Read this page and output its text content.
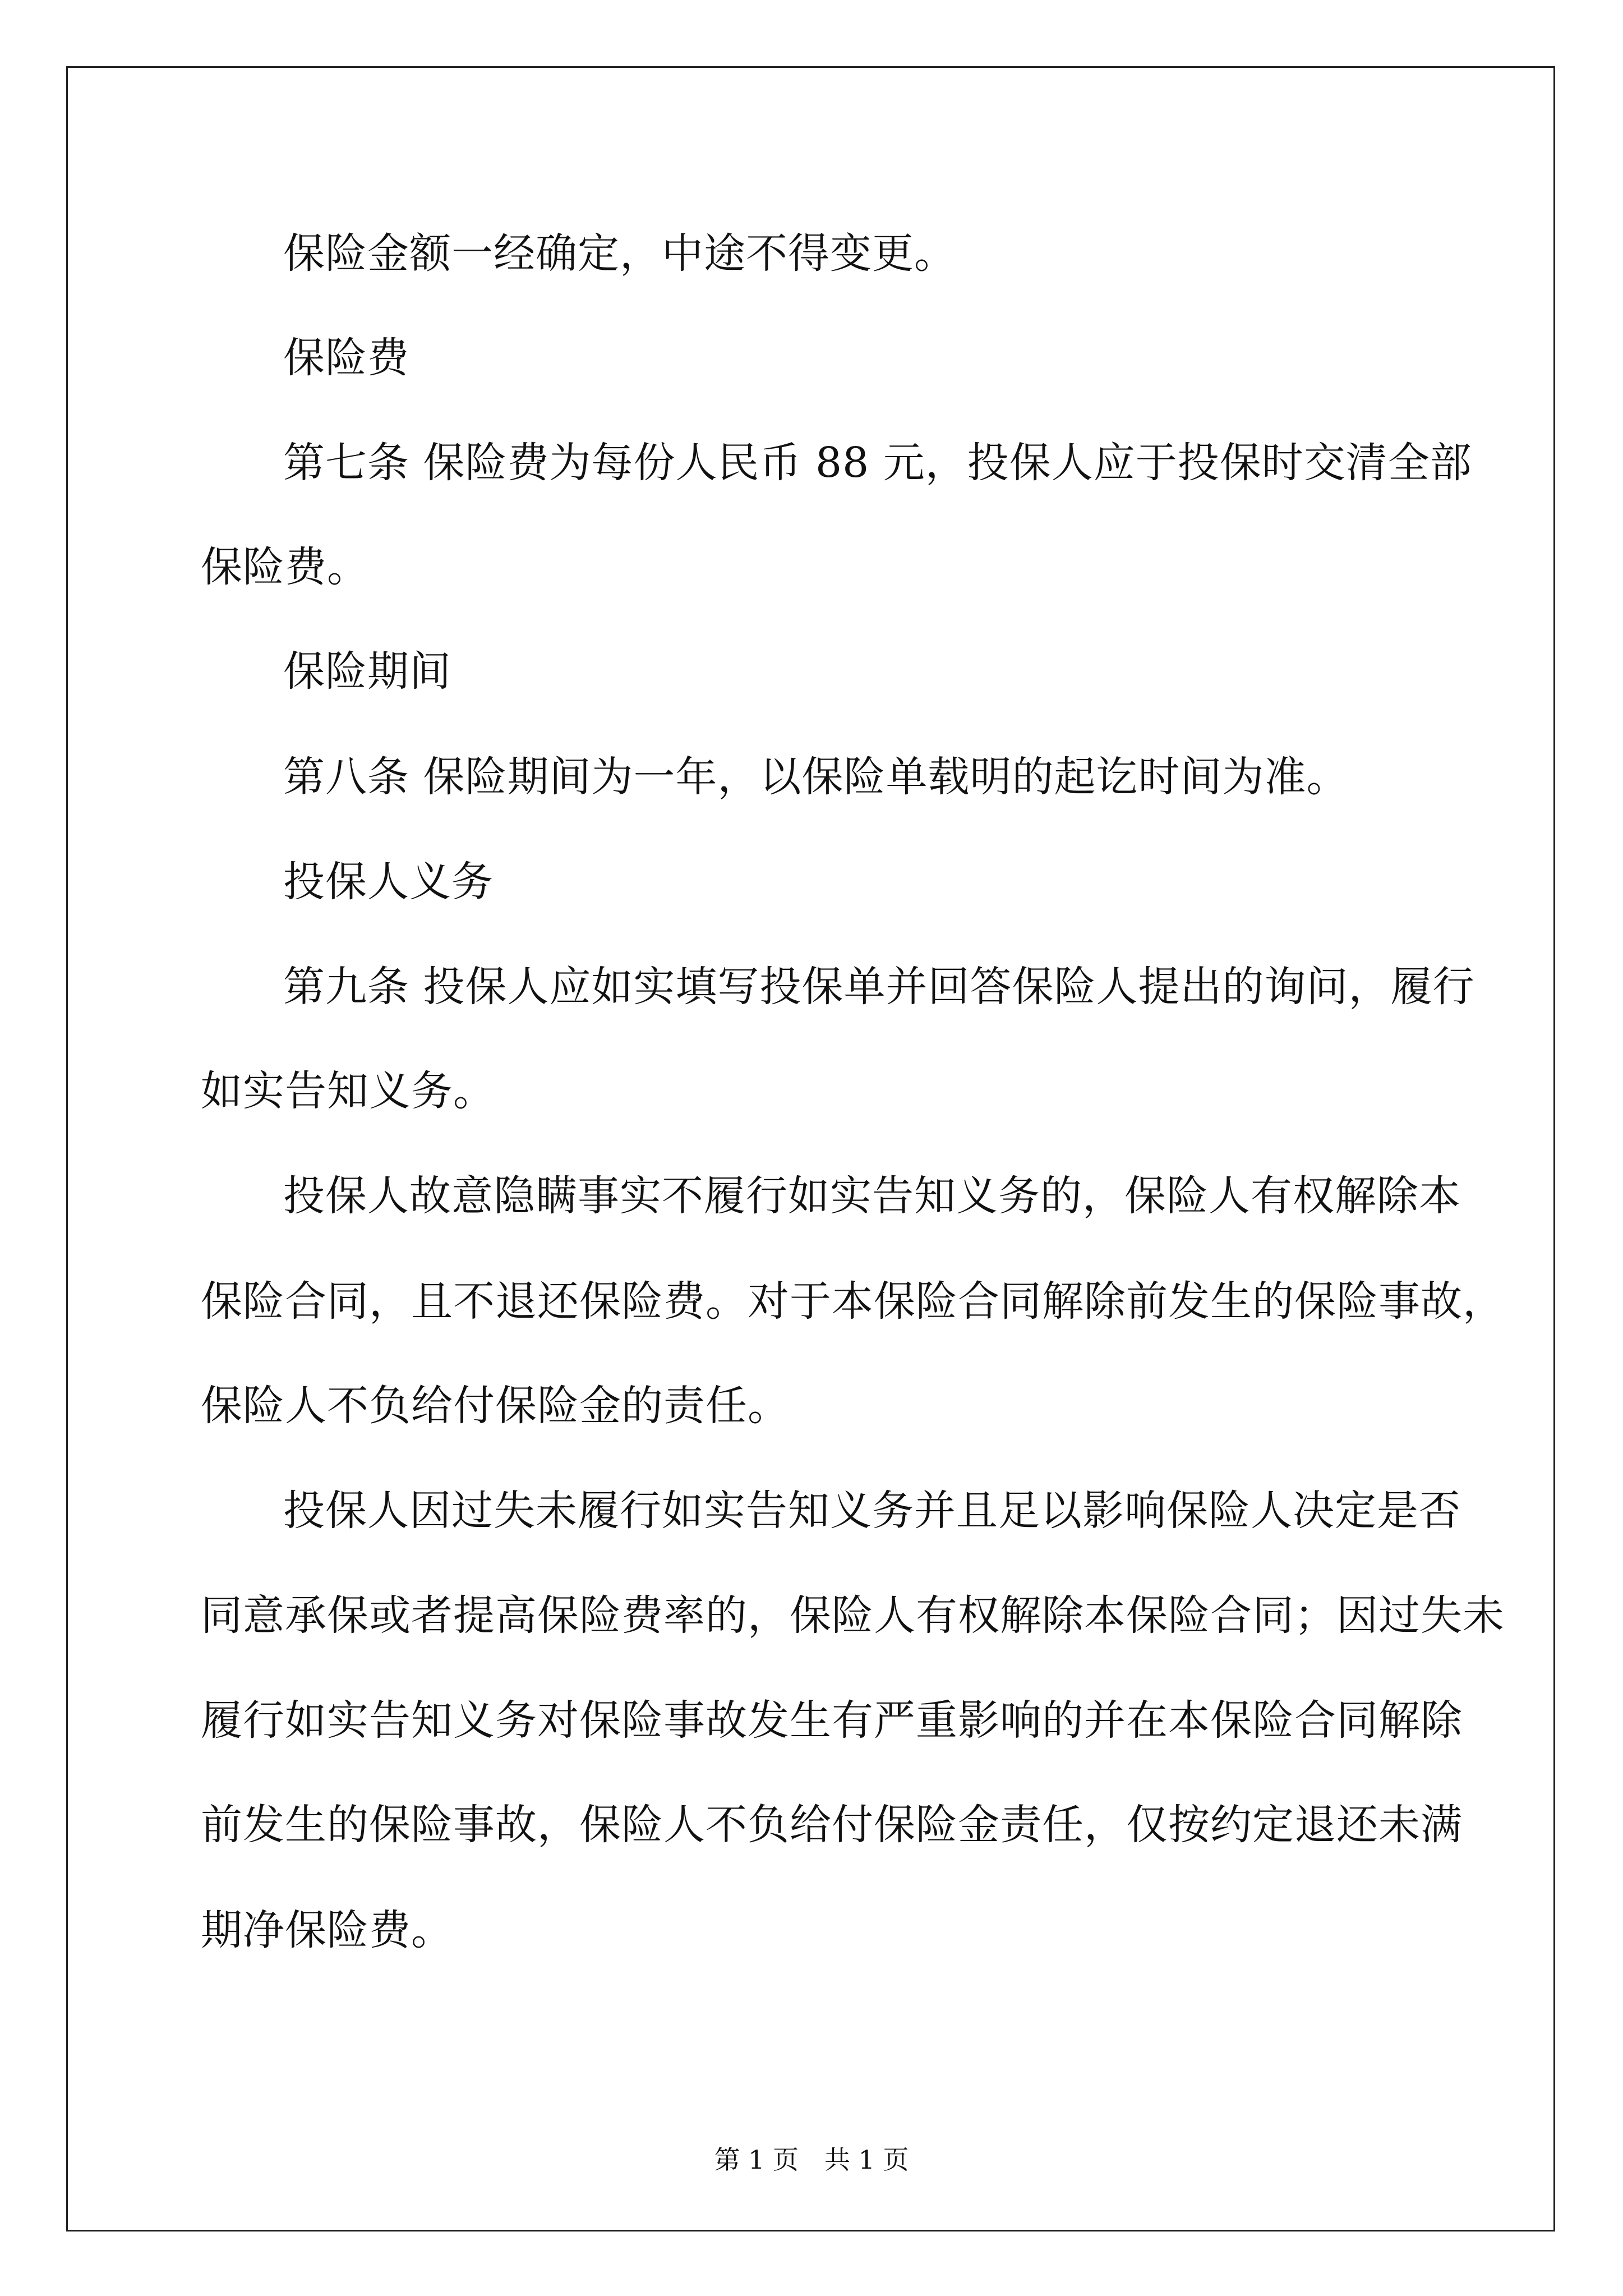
保险金额一经确定，中途不得变更。
保险费
第七条 保险费为每份人民币 88 元，投保人应于投保时交清全部
保险费。
保险期间
第八条 保险期间为一年，以保险单载明的起讫时间为准。
投保人义务
第九条 投保人应如实填写投保单并回答保险人提出的询问，履行
如实告知义务。
投保人故意隐瞒事实不履行如实告知义务的，保险人有权解除本
保险合同，且不退还保险费。对于本保险合同解除前发生的保险事故，
保险人不负给付保险金的责任。
投保人因过失未履行如实告知义务并且足以影响保险人决定是否
同意承保或者提高保险费率的，保险人有权解除本保险合同；因过失未
履行如实告知义务对保险事故发生有严重影响的并在本保险合同解除
前发生的保险事故，保险人不负给付保险金责任，仅按约定退还未满
期净保险费。
第 1 页　共 1 页
